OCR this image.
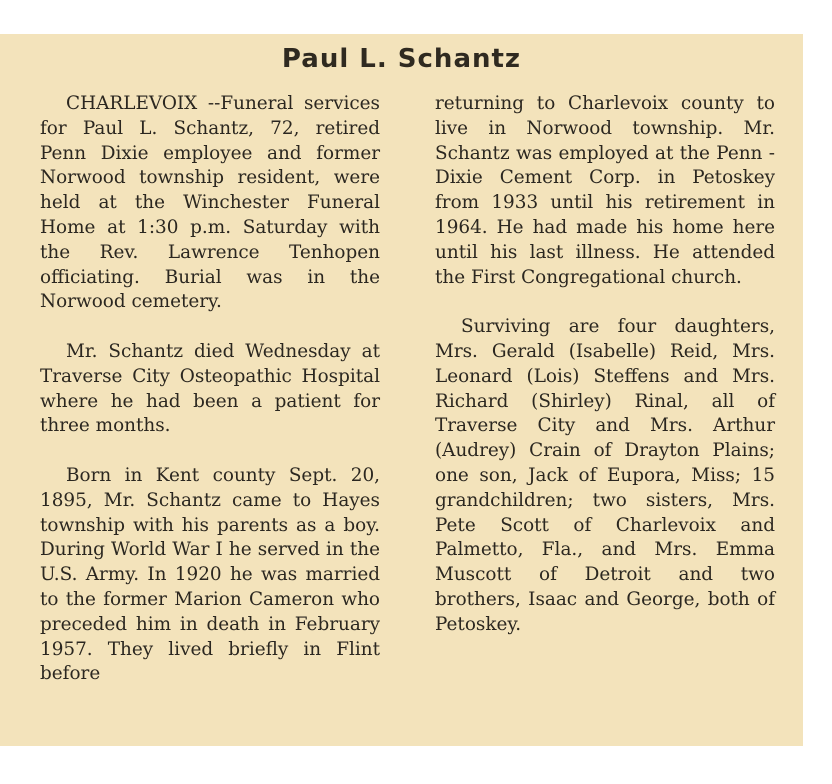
Paul L. Schantz

CHARLEVOIX --Funeral services for Paul L. Schantz, 72, retired Penn Dixie employee and former Norwood township resident, were held at the Winchester Funeral Home at 1:30 p.m. Saturday with the Rev. Lawrence Tenhopen officiating. Burial was in the Norwood cemetery.

Mr. Schantz died Wednesday at Traverse City Osteopathic Hospital where he had been a patient for three months.

Born in Kent county Sept. 20, 1895, Mr. Schantz came to Hayes township with his parents as a boy. During World War I he served in the U.S. Army. In 1920 he was married to the former Marion Cameron who preceded him in death in February 1957. They lived briefly in Flint before

returning to Charlevoix county to live in Norwood township. Mr. Schantz was employed at the Penn - Dixie Cement Corp. in Petoskey from 1933 until his retirement in 1964. He had made his home here until his last illness. He attended the First Congregational church.

Surviving are four daughters, Mrs. Gerald (Isabelle) Reid, Mrs. Leonard (Lois) Steffens and Mrs. Richard (Shirley) Rinal, all of Traverse City and Mrs. Arthur (Audrey) Crain of Drayton Plains; one son, Jack of Eupora, Miss; 15 grandchildren; two sisters, Mrs. Pete Scott of Charlevoix and Palmetto, Fla., and Mrs. Emma Muscott of Detroit and two brothers, Isaac and George, both of Petoskey.
